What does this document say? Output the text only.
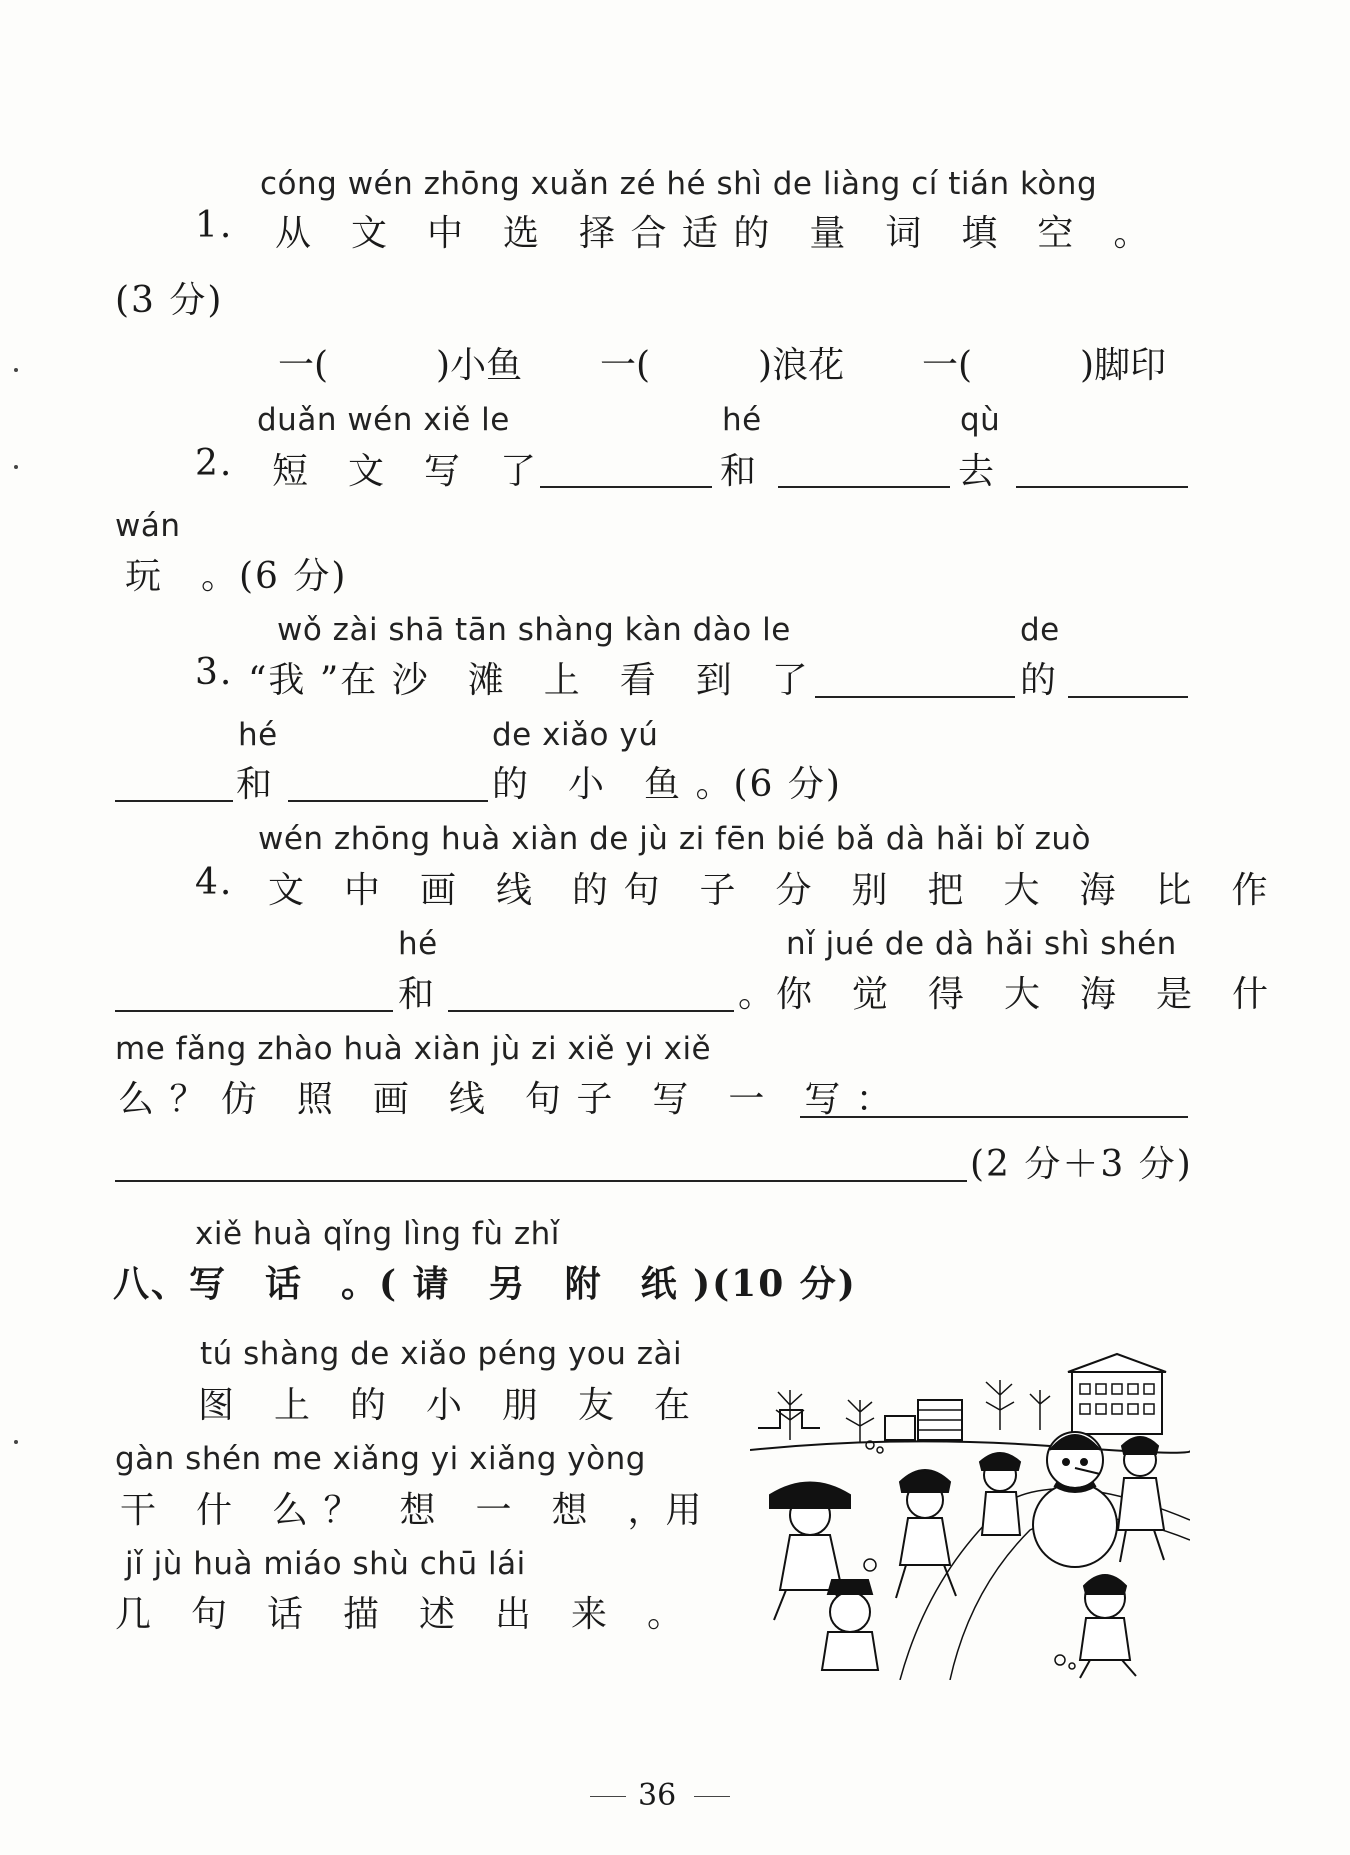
cóng wén zhōng xuǎn zé hé shì de liàng cí tián kòng
1. 从　文　中　选　择 合 适 的　量　词　填　空　。
(3 分)
一(　　　)小鱼 一(　　　)浪花 一(　　　)脚印
duǎn wén xiě le	hé	qù
2. 短　文　写　了	和	去
wán
玩　。(6 分)
wǒ zài shā tān shàng kàn dào le	de
3. “我 ”在 沙　滩　上　看　到　了	的
hé	de xiǎo yú
和	的　小　鱼 。(6 分)
wén zhōng huà xiàn de jù zi fēn bié bǎ dà hǎi bǐ zuò
4. 文　中　画　线　的 句　子　分　别　把　大　海　比　作
hé	nǐ jué de dà hǎi shì shén
和	。你　觉　得　大　海　是　什
me fǎng zhào huà xiàn jù zi xiě yi xiě
么 ？ 仿　照　画　线　句 子　写　一　写 ：
(2 分＋3 分)
xiě huà qǐng lìng fù zhǐ
八、写　话　。( 请　另　附　纸 )(10 分)
tú shàng de xiǎo péng you zài
图　上　的　小　朋　友　在
gàn shén me xiǎng yi xiǎng yòng
干　什　么 ？　想　一　想　，用
jǐ jù huà miáo shù chū lái
几　句　话　描　述　出　来　。
36
